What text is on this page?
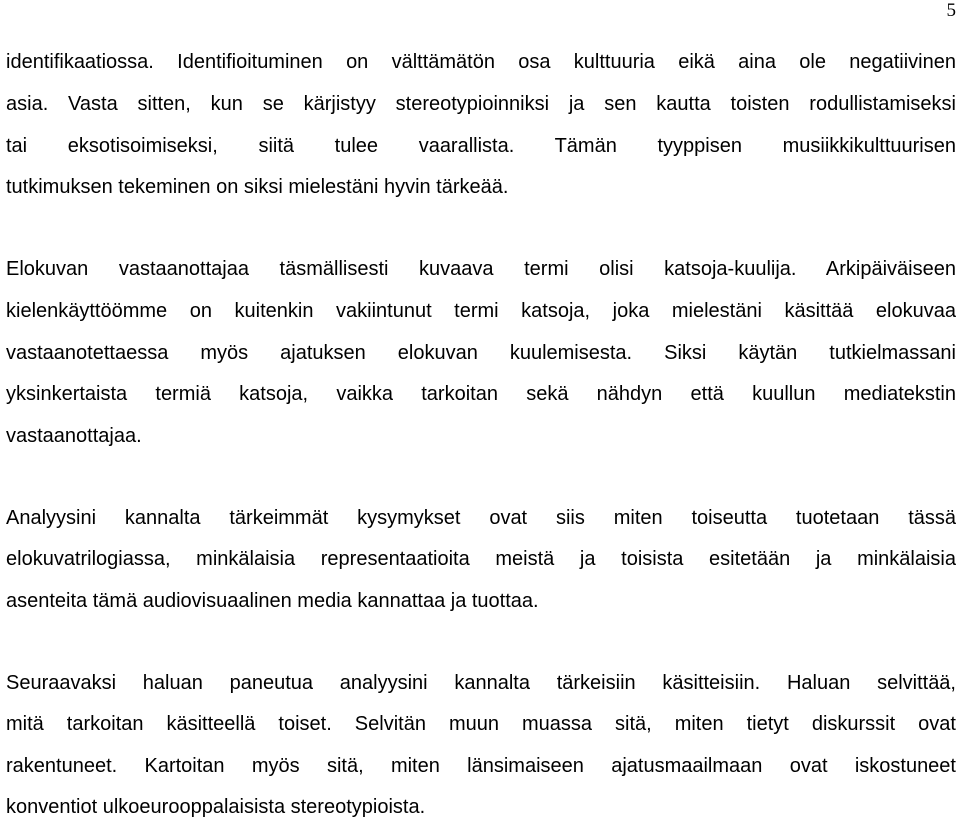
5
identifikaatiossa. Identifioituminen on välttämätön osa kulttuuria eikä aina ole negatiivinen
asia. Vasta sitten, kun se kärjistyy stereotypioinniksi ja sen kautta toisten rodullistamiseksi
tai eksotisoimiseksi, siitä tulee vaarallista. Tämän tyyppisen musiikkikulttuurisen
tutkimuksen tekeminen on siksi mielestäni hyvin tärkeää.
Elokuvan vastaanottajaa täsmällisesti kuvaava termi olisi katsoja-kuulija. Arkipäiväiseen
kielenkäyttöömme on kuitenkin vakiintunut termi katsoja, joka mielestäni käsittää elokuvaa
vastaanotettaessa myös ajatuksen elokuvan kuulemisesta. Siksi käytän tutkielmassani
yksinkertaista termiä katsoja, vaikka tarkoitan sekä nähdyn että kuullun mediatekstin
vastaanottajaa.
Analyysini kannalta tärkeimmät kysymykset ovat siis miten toiseutta tuotetaan tässä
elokuvatrilogiassa, minkälaisia representaatioita meistä ja toisista esitetään ja minkälaisia
asenteita tämä audiovisuaalinen media kannattaa ja tuottaa.
Seuraavaksi haluan paneutua analyysini kannalta tärkeisiin käsitteisiin. Haluan selvittää,
mitä tarkoitan käsitteellä toiset. Selvitän muun muassa sitä, miten tietyt diskurssit ovat
rakentuneet. Kartoitan myös sitä, miten länsimaiseen ajatusmaailmaan ovat iskostuneet
konventiot ulkoeurooppalaisista stereotypioista.
